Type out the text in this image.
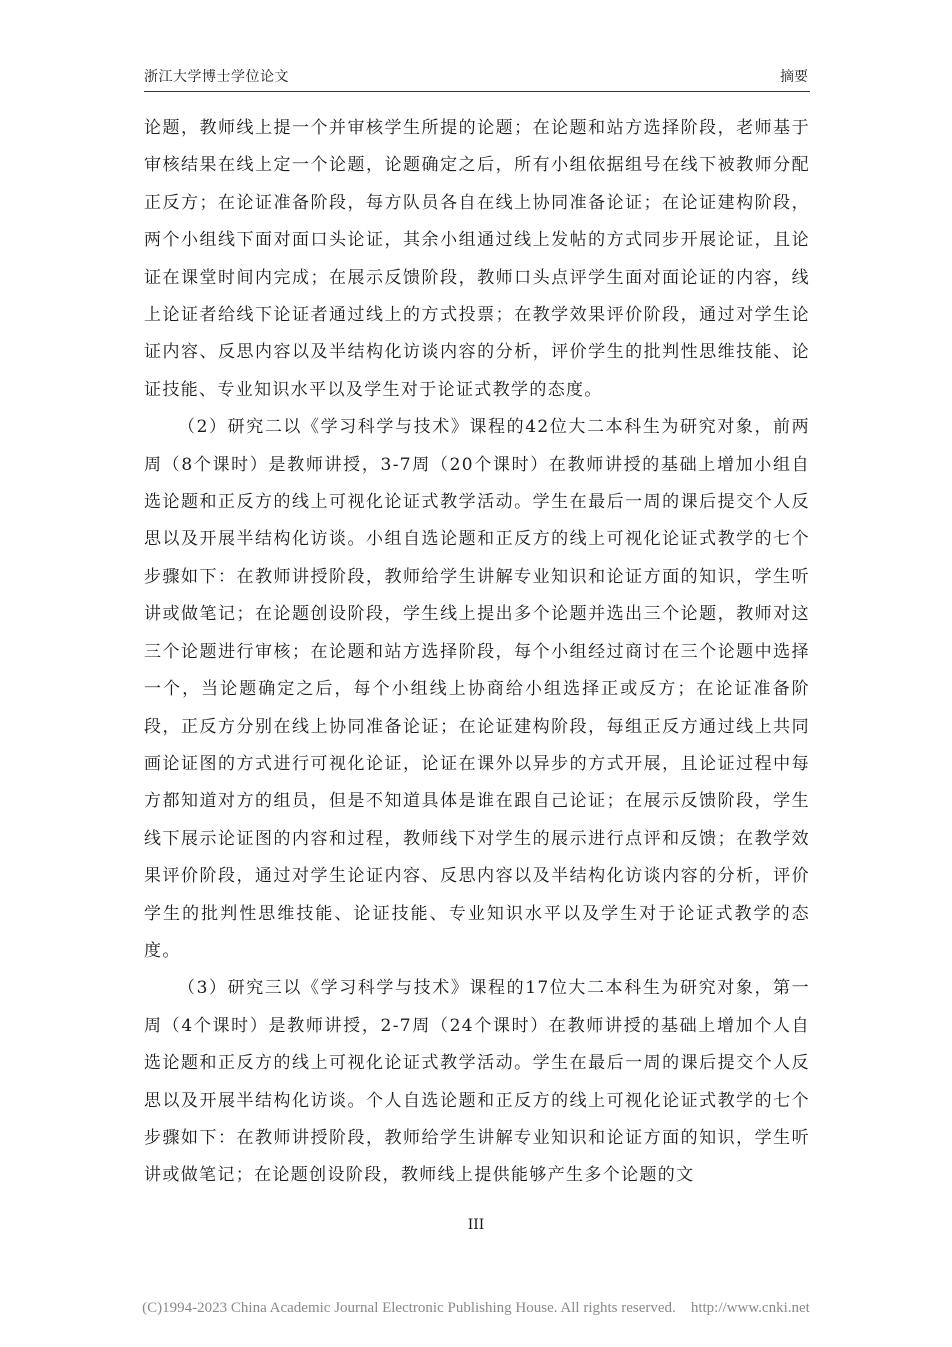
浙江大学博士学位论文	摘要

论题，教师线上提一个并审核学生所提的论题；在论题和站方选择阶段，老师基于审核结果在线上定一个论题，论题确定之后，所有小组依据组号在线下被教师分配正反方；在论证准备阶段，每方队员各自在线上协同准备论证；在论证建构阶段，两个小组线下面对面口头论证，其余小组通过线上发帖的方式同步开展论证，且论证在课堂时间内完成；在展示反馈阶段，教师口头点评学生面对面论证的内容，线上论证者给线下论证者通过线上的方式投票；在教学效果评价阶段，通过对学生论证内容、反思内容以及半结构化访谈内容的分析，评价学生的批判性思维技能、论证技能、专业知识水平以及学生对于论证式教学的态度。

（2）研究二以《学习科学与技术》课程的42位大二本科生为研究对象，前两周（8个课时）是教师讲授，3-7周（20个课时）在教师讲授的基础上增加小组自选论题和正反方的线上可视化论证式教学活动。学生在最后一周的课后提交个人反思以及开展半结构化访谈。小组自选论题和正反方的线上可视化论证式教学的七个步骤如下：在教师讲授阶段，教师给学生讲解专业知识和论证方面的知识，学生听讲或做笔记；在论题创设阶段，学生线上提出多个论题并选出三个论题，教师对这三个论题进行审核；在论题和站方选择阶段，每个小组经过商讨在三个论题中选择一个，当论题确定之后，每个小组线上协商给小组选择正或反方；在论证准备阶段，正反方分别在线上协同准备论证；在论证建构阶段，每组正反方通过线上共同画论证图的方式进行可视化论证，论证在课外以异步的方式开展，且论证过程中每方都知道对方的组员，但是不知道具体是谁在跟自己论证；在展示反馈阶段，学生线下展示论证图的内容和过程，教师线下对学生的展示进行点评和反馈；在教学效果评价阶段，通过对学生论证内容、反思内容以及半结构化访谈内容的分析，评价学生的批判性思维技能、论证技能、专业知识水平以及学生对于论证式教学的态度。

（3）研究三以《学习科学与技术》课程的17位大二本科生为研究对象，第一周（4个课时）是教师讲授，2-7周（24个课时）在教师讲授的基础上增加个人自选论题和正反方的线上可视化论证式教学活动。学生在最后一周的课后提交个人反思以及开展半结构化访谈。个人自选论题和正反方的线上可视化论证式教学的七个步骤如下：在教师讲授阶段，教师给学生讲解专业知识和论证方面的知识，学生听讲或做笔记；在论题创设阶段，教师线上提供能够产生多个论题的文

III
(C)1994-2023 China Academic Journal Electronic Publishing House. All rights reserved. http://www.cnki.net
